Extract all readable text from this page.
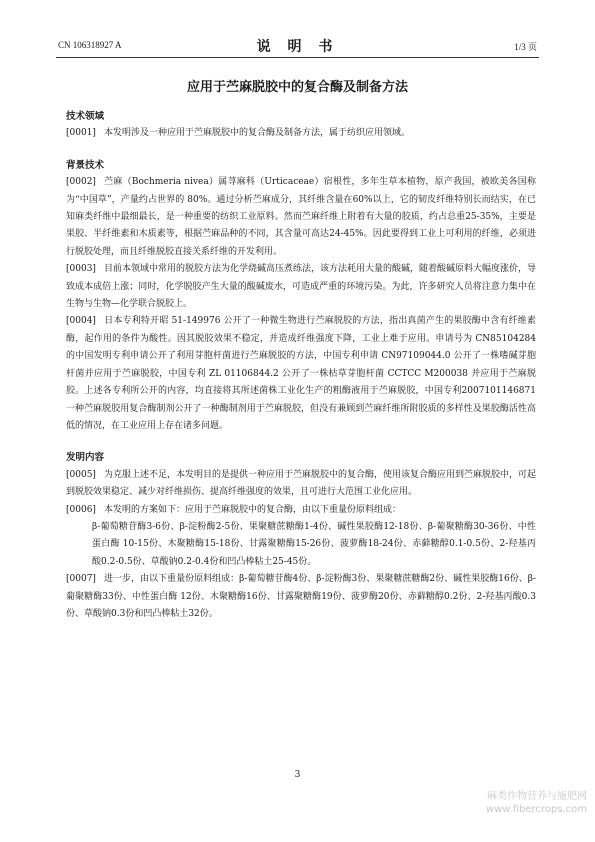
CN 106318927 A	说 明 书	1/3 页
应用于苎麻脱胶中的复合酶及制备方法

技术领域

[0001] 本发明涉及一种应用于苎麻脱胶中的复合酶及制备方法，属于纺织应用领域。

背景技术

[0002] 苎麻（Bochmeria nivea）属荨麻科（Urticaceae）宿根性，多年生草本植物，原产我国，被欧美各国称为“中国草”，产量约占世界的 80%。通过分析苎麻成分，其纤维含量在60%以上，它的韧皮纤维特别长而结实，在已知麻类纤维中最细最长，是一种重要的纺织工业原料。然而苎麻纤维上附着有大量的胶质，约占总重25-35%，主要是果胶、半纤维素和木质素等，根据苎麻品种的不同，其含量可高达24-45%。因此要得到工业上可利用的纤维，必须进行脱胶处理，而且纤维脱胶直接关系纤维的开发利用。

[0003] 目前本领域中常用的脱胶方法为化学烧碱高压煮练法，该方法耗用大量的酸碱，随着酸碱原料大幅度涨价，导致成本成倍上涨；同时，化学脱胶产生大量的酸碱废水，可造成严重的环境污染。为此，许多研究人员将注意力集中在生物与生物—化学联合脱胶上。

[0004] 日本专利特开昭 51-149976 公开了一种微生物进行苎麻脱胶的方法，指出真菌产生的果胶酶中含有纤维素酶，起作用的条件为酸性。因其脱胶效果不稳定，并造成纤维强度下降，工业上难于应用。申请号为 CN85104284 的中国发明专利申请公开了利用芽胞杆菌进行苎麻脱胶的方法，中国专利申请 CN97109044.0 公开了一株嗜碱芽胞杆菌并应用于苎麻脱胶，中国专利 ZL 01106844.2 公开了一株枯草芽胞杆菌 CCTCC M200038 并应用于苎麻脱胶。上述各专利所公开的内容，均直接将其所述菌株工业化生产的粗酶液用于苎麻脱胶，中国专利2007101146871一种苎麻脱胶用复合酶制剂公开了一种酶制剂用于苎麻脱胶，但没有兼顾到苎麻纤维所附胶质的多样性及果胶酶活性高低的情况，在工业应用上存在诸多问题。

发明内容

[0005] 为克服上述不足，本发明目的是提供一种应用于苎麻脱胶中的复合酶，使用该复合酶应用到苎麻脱胶中，可起到脱胶效果稳定、减少对纤维损伤、提高纤维强度的效果，且可进行大范围工业化应用。

[0006] 本发明的方案如下：应用于苎麻脱胶中的复合酶，由以下重量份原料组成：

β-葡萄糖苷酶3-6份、β-淀粉酶2-5份、果聚糖蔗糖酶1-4份、碱性果胶酶12-18份、β-葡聚糖酶30-36份、中性蛋白酶 10-15份、木聚糖酶15-18份、甘露聚糖酶15-26份、菠萝酶18-24份、赤藓糖醇0.1-0.5份、2-羟基丙酸0.2-0.5份、草酸钠0.2-0.4份和凹凸棒粘土25-45份。

[0007] 进一步，由以下重量份原料组成：β-葡萄糖苷酶4份、β-淀粉酶3份、果聚糖蔗糖酶2份、碱性果胶酶16份、β-葡聚糖酶33份、中性蛋白酶 12份、木聚糖酶16份、甘露聚糖酶19份、菠萝酶20份、赤藓糖醇0.2份、2-羟基丙酸0.3份、草酸钠0.3份和凹凸棒粘土32份。

3
麻类作物营养与施肥网
www.fibercrops.com
